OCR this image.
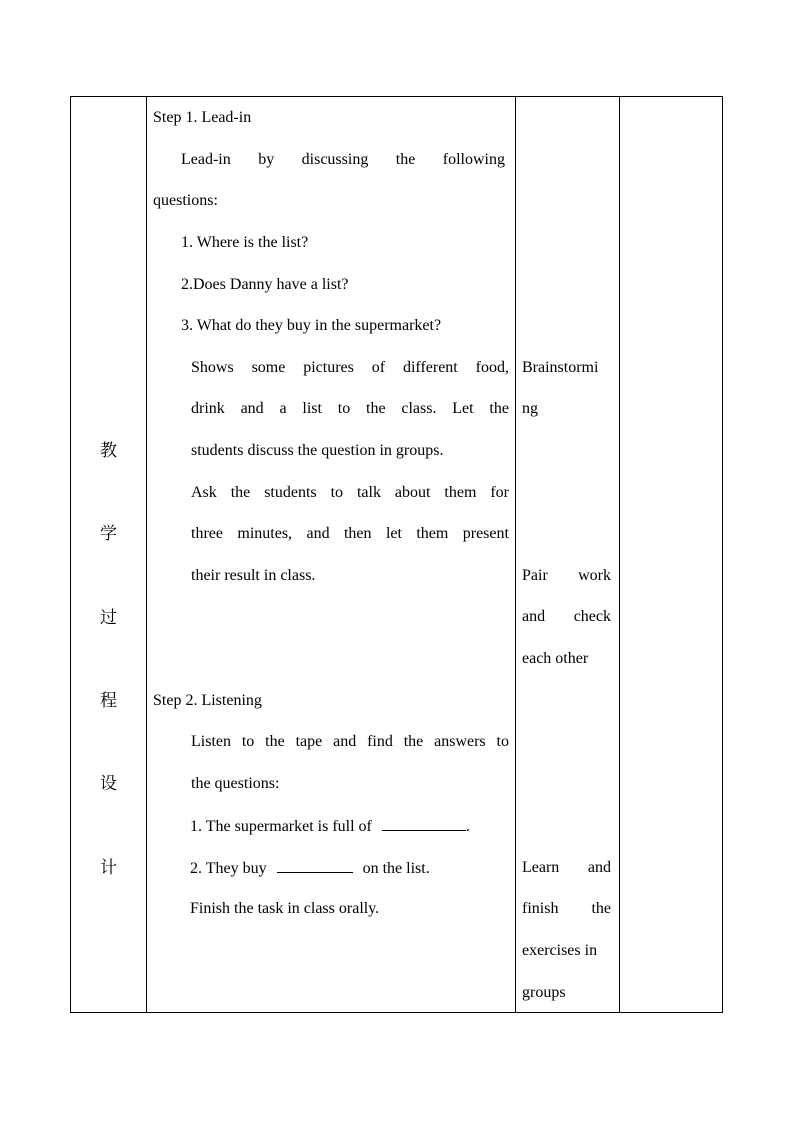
教
学
过
程
设
计
Step 1. Lead-in
Lead-in by discussing the following
questions:
1. Where is the list?
2.Does Danny have a list?
3. What do they buy in the supermarket?
Shows some pictures of different food,
drink and a list to the class. Let the
students discuss the question in groups.
Ask the students to talk about them for
three minutes, and then let them present
their result in class.
Step 2. Listening
Listen to the tape and find the answers to
the questions:
1. The supermarket is full of	.
2. They buy	on the list.
Finish the task in class orally.
Brainstormi
ng
Pair work
and check
each other
Learn and
finish the
exercises in
groups
